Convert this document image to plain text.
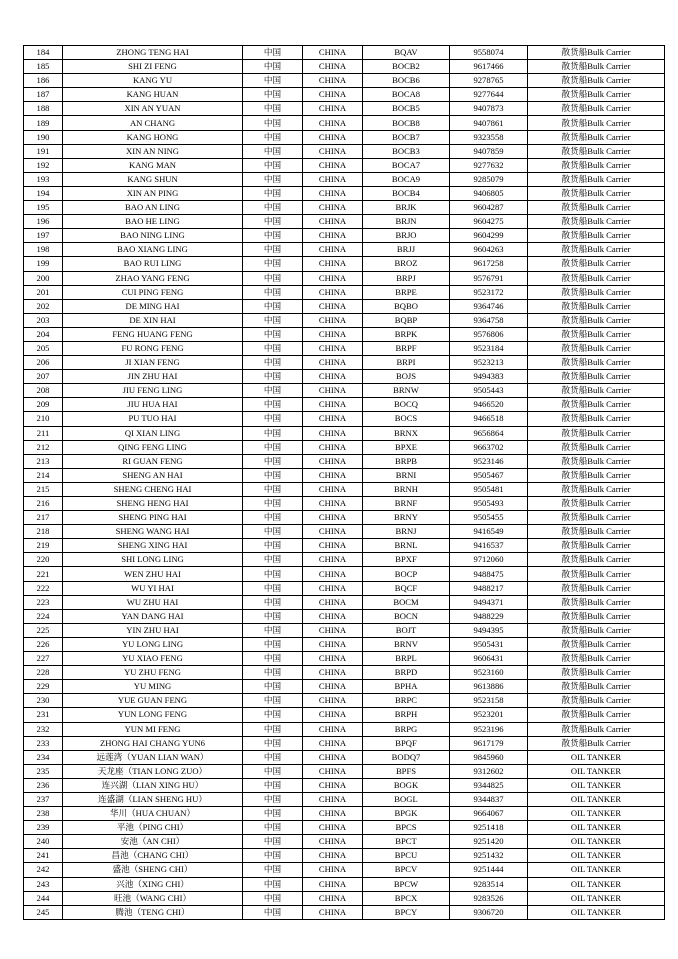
184	ZHONG TENG HAI	中国	CHINA	BQAV	9558074	散货船Bulk Carrier
185	SHI ZI FENG	中国	CHINA	BOCB2	9617466	散货船Bulk Carrier
186	KANG YU	中国	CHINA	BOCB6	9278765	散货船Bulk Carrier
187	KANG HUAN	中国	CHINA	BOCA8	9277644	散货船Bulk Carrier
188	XIN AN YUAN	中国	CHINA	BOCB5	9407873	散货船Bulk Carrier
189	AN CHANG	中国	CHINA	BOCB8	9407861	散货船Bulk Carrier
190	KANG HONG	中国	CHINA	BOCB7	9323558	散货船Bulk Carrier
191	XIN AN NING	中国	CHINA	BOCB3	9407859	散货船Bulk Carrier
192	KANG MAN	中国	CHINA	BOCA7	9277632	散货船Bulk Carrier
193	KANG SHUN	中国	CHINA	BOCA9	9285079	散货船Bulk Carrier
194	XIN AN PING	中国	CHINA	BOCB4	9406805	散货船Bulk Carrier
195	BAO AN LING	中国	CHINA	BRJK	9604287	散货船Bulk Carrier
196	BAO HE LING	中国	CHINA	BRJN	9604275	散货船Bulk Carrier
197	BAO NING LING	中国	CHINA	BRJO	9604299	散货船Bulk Carrier
198	BAO XIANG LING	中国	CHINA	BRJJ	9604263	散货船Bulk Carrier
199	BAO RUI LING	中国	CHINA	BROZ	9617258	散货船Bulk Carrier
200	ZHAO YANG FENG	中国	CHINA	BRPJ	9576791	散货船Bulk Carrier
201	CUI PING FENG	中国	CHINA	BRPE	9523172	散货船Bulk Carrier
202	DE MING HAI	中国	CHINA	BQBO	9364746	散货船Bulk Carrier
203	DE XIN HAI	中国	CHINA	BQBP	9364758	散货船Bulk Carrier
204	FENG HUANG FENG	中国	CHINA	BRPK	9576806	散货船Bulk Carrier
205	FU RONG FENG	中国	CHINA	BRPF	9523184	散货船Bulk Carrier
206	JI XIAN FENG	中国	CHINA	BRPI	9523213	散货船Bulk Carrier
207	JIN ZHU HAI	中国	CHINA	BOJS	9494383	散货船Bulk Carrier
208	JIU FENG LING	中国	CHINA	BRNW	9505443	散货船Bulk Carrier
209	JIU HUA HAI	中国	CHINA	BOCQ	9466520	散货船Bulk Carrier
210	PU TUO HAI	中国	CHINA	BOCS	9466518	散货船Bulk Carrier
211	QI XIAN LING	中国	CHINA	BRNX	9656864	散货船Bulk Carrier
212	QING FENG LING	中国	CHINA	BPXE	9663702	散货船Bulk Carrier
213	RI GUAN FENG	中国	CHINA	BRPB	9523146	散货船Bulk Carrier
214	SHENG AN HAI	中国	CHINA	BRNI	9505467	散货船Bulk Carrier
215	SHENG CHENG HAI	中国	CHINA	BRNH	9505481	散货船Bulk Carrier
216	SHENG HENG HAI	中国	CHINA	BRNF	9505493	散货船Bulk Carrier
217	SHENG PING HAI	中国	CHINA	BRNY	9505455	散货船Bulk Carrier
218	SHENG WANG HAI	中国	CHINA	BRNJ	9416549	散货船Bulk Carrier
219	SHENG XING HAI	中国	CHINA	BRNL	9416537	散货船Bulk Carrier
220	SHI LONG LING	中国	CHINA	BPXF	9712060	散货船Bulk Carrier
221	WEN ZHU HAI	中国	CHINA	BOCP	9488475	散货船Bulk Carrier
222	WU YI HAI	中国	CHINA	BQCF	9488217	散货船Bulk Carrier
223	WU ZHU HAI	中国	CHINA	BOCM	9494371	散货船Bulk Carrier
224	YAN DANG HAI	中国	CHINA	BOCN	9488229	散货船Bulk Carrier
225	YIN ZHU HAI	中国	CHINA	BOJT	9494395	散货船Bulk Carrier
226	YU LONG LING	中国	CHINA	BRNV	9505431	散货船Bulk Carrier
227	YU XIAO FENG	中国	CHINA	BRPL	9606431	散货船Bulk Carrier
228	YU ZHU FENG	中国	CHINA	BRPD	9523160	散货船Bulk Carrier
229	YU MING	中国	CHINA	BPHA	9613886	散货船Bulk Carrier
230	YUE GUAN FENG	中国	CHINA	BRPC	9523158	散货船Bulk Carrier
231	YUN LONG FENG	中国	CHINA	BRPH	9523201	散货船Bulk Carrier
232	YUN MI FENG	中国	CHINA	BRPG	9523196	散货船Bulk Carrier
233	ZHONG HAI CHANG YUN6	中国	CHINA	BPQF	9617179	散货船Bulk Carrier
234	远莲湾（YUAN LIAN WAN）	中国	CHINA	BODQ7	9845960	OIL TANKER
235	天龙座（TIAN LONG ZUO）	中国	CHINA	BPFS	9312602	OIL TANKER
236	连兴湖（LIAN XING HU）	中国	CHINA	BOGK	9344825	OIL TANKER
237	连盛湖（LIAN SHENG HU）	中国	CHINA	BOGL	9344837	OIL TANKER
238	华川（HUA CHUAN）	中国	CHINA	BPGK	9664067	OIL TANKER
239	平池（PING CHI）	中国	CHINA	BPCS	9251418	OIL TANKER
240	安池（AN CHI）	中国	CHINA	BPCT	9251420	OIL TANKER
241	昌池（CHANG CHI）	中国	CHINA	BPCU	9251432	OIL TANKER
242	盛池（SHENG CHI）	中国	CHINA	BPCV	9251444	OIL TANKER
243	兴池（XING CHI）	中国	CHINA	BPCW	9283514	OIL TANKER
244	旺池（WANG CHI）	中国	CHINA	BPCX	9283526	OIL TANKER
245	腾池（TENG CHI）	中国	CHINA	BPCY	9306720	OIL TANKER
